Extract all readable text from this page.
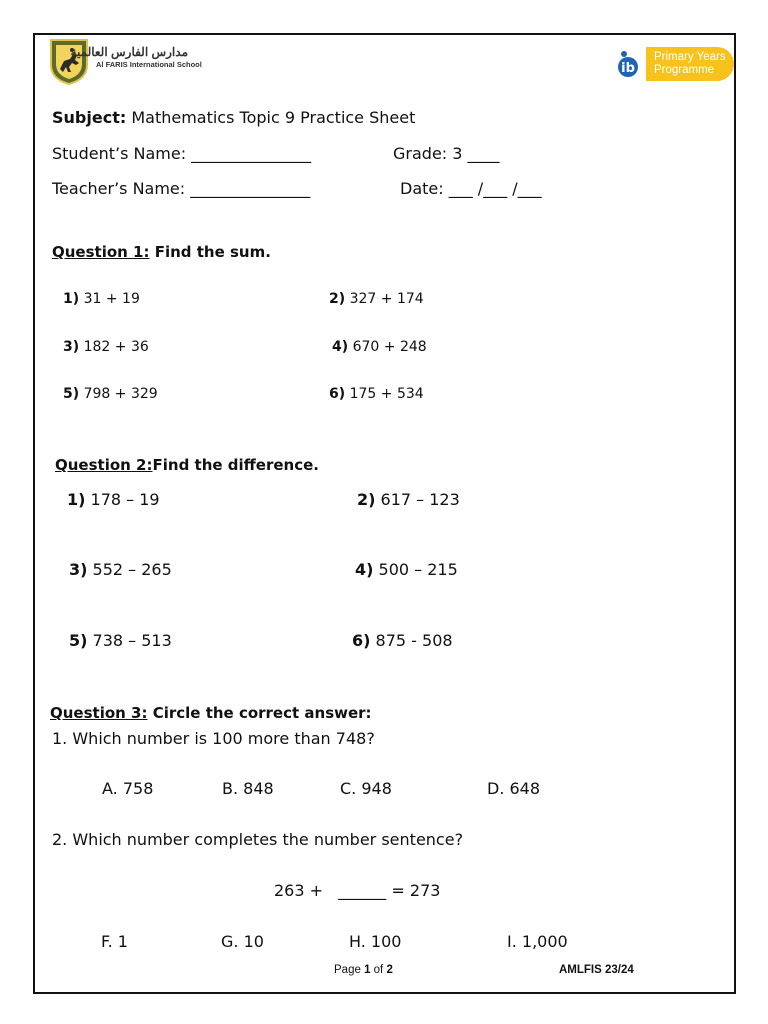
مدارس الفارس العالمية
Al FARIS International School	ib
Primary Years
Programme
Subject: Mathematics Topic 9 Practice Sheet
Student’s Name: _______________	Grade: 3 ____
Teacher’s Name: _______________	Date: ___ /___ /___
Question 1: Find the sum.
1) 31 + 19	2) 327 + 174
3) 182 + 36	4) 670 + 248
5) 798 + 329	6) 175 + 534
Question 2:Find the difference.
1) 178 – 19	2) 617 – 123
3) 552 – 265	4) 500 – 215
5) 738 – 513	6) 875 - 508
Question 3: Circle the correct answer:
1. Which number is 100 more than 748?
A. 758	B. 848	C. 948	D. 648
2. Which number completes the number sentence?
263 + ______ = 273
F. 1	G. 10	H. 100	I. 1,000
Page 1 of 2	AMLFIS 23/24
